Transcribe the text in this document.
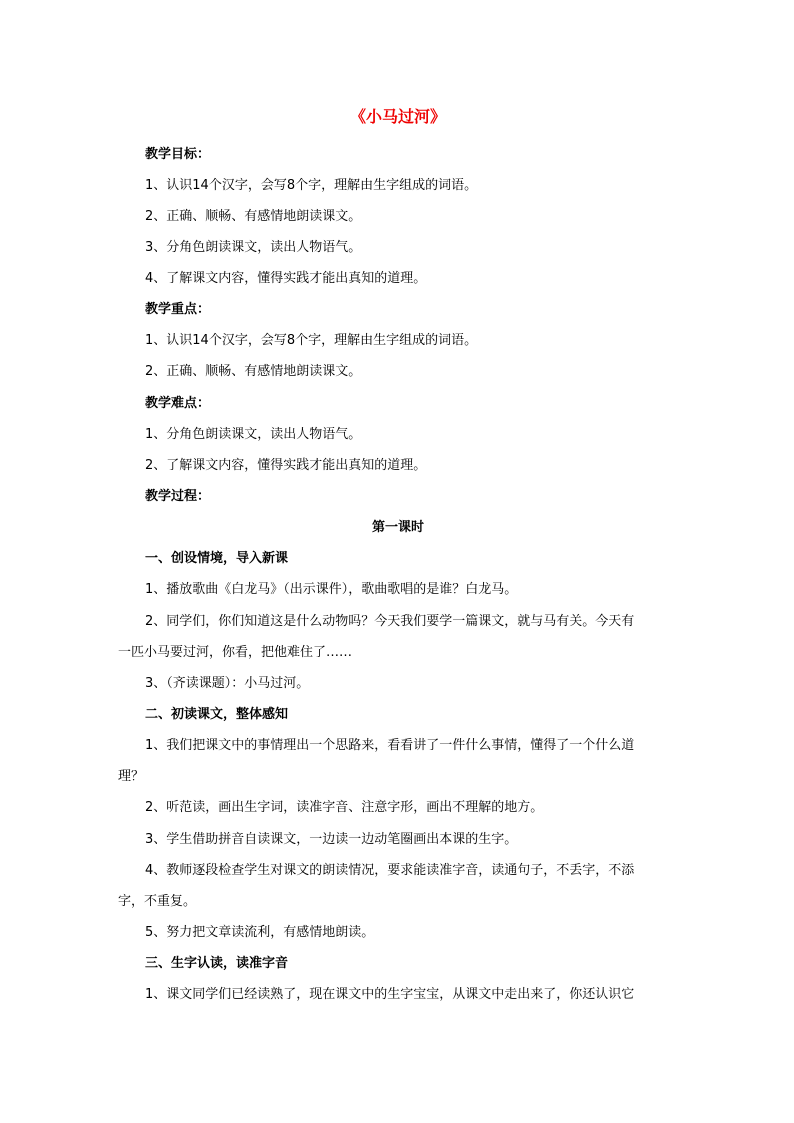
《小马过河》

教学目标：

1、认识14个汉字，会写8个字，理解由生字组成的词语。

2、正确、顺畅、有感情地朗读课文。

3、分角色朗读课文，读出人物语气。

4、了解课文内容，懂得实践才能出真知的道理。

教学重点：

1、认识14个汉字，会写8个字，理解由生字组成的词语。

2、正确、顺畅、有感情地朗读课文。

教学难点：

1、分角色朗读课文，读出人物语气。

2、了解课文内容，懂得实践才能出真知的道理。

教学过程：

第一课时

一、创设情境，导入新课

1、播放歌曲《白龙马》（出示课件），歌曲歌唱的是谁？白龙马。

2、同学们，你们知道这是什么动物吗？今天我们要学一篇课文，就与马有关。今天有

一匹小马要过河，你看，把他难住了……

3、（齐读课题）：小马过河。

二、初读课文，整体感知

1、我们把课文中的事情理出一个思路来，看看讲了一件什么事情，懂得了一个什么道

理？

2、听范读，画出生字词，读准字音、注意字形，画出不理解的地方。

3、学生借助拼音自读课文，一边读一边动笔圈画出本课的生字。

4、教师逐段检查学生对课文的朗读情况，要求能读准字音，读通句子，不丢字，不添

字，不重复。

5、努力把文章读流利，有感情地朗读。

三、生字认读，读准字音

1、课文同学们已经读熟了，现在课文中的生字宝宝，从课文中走出来了，你还认识它
